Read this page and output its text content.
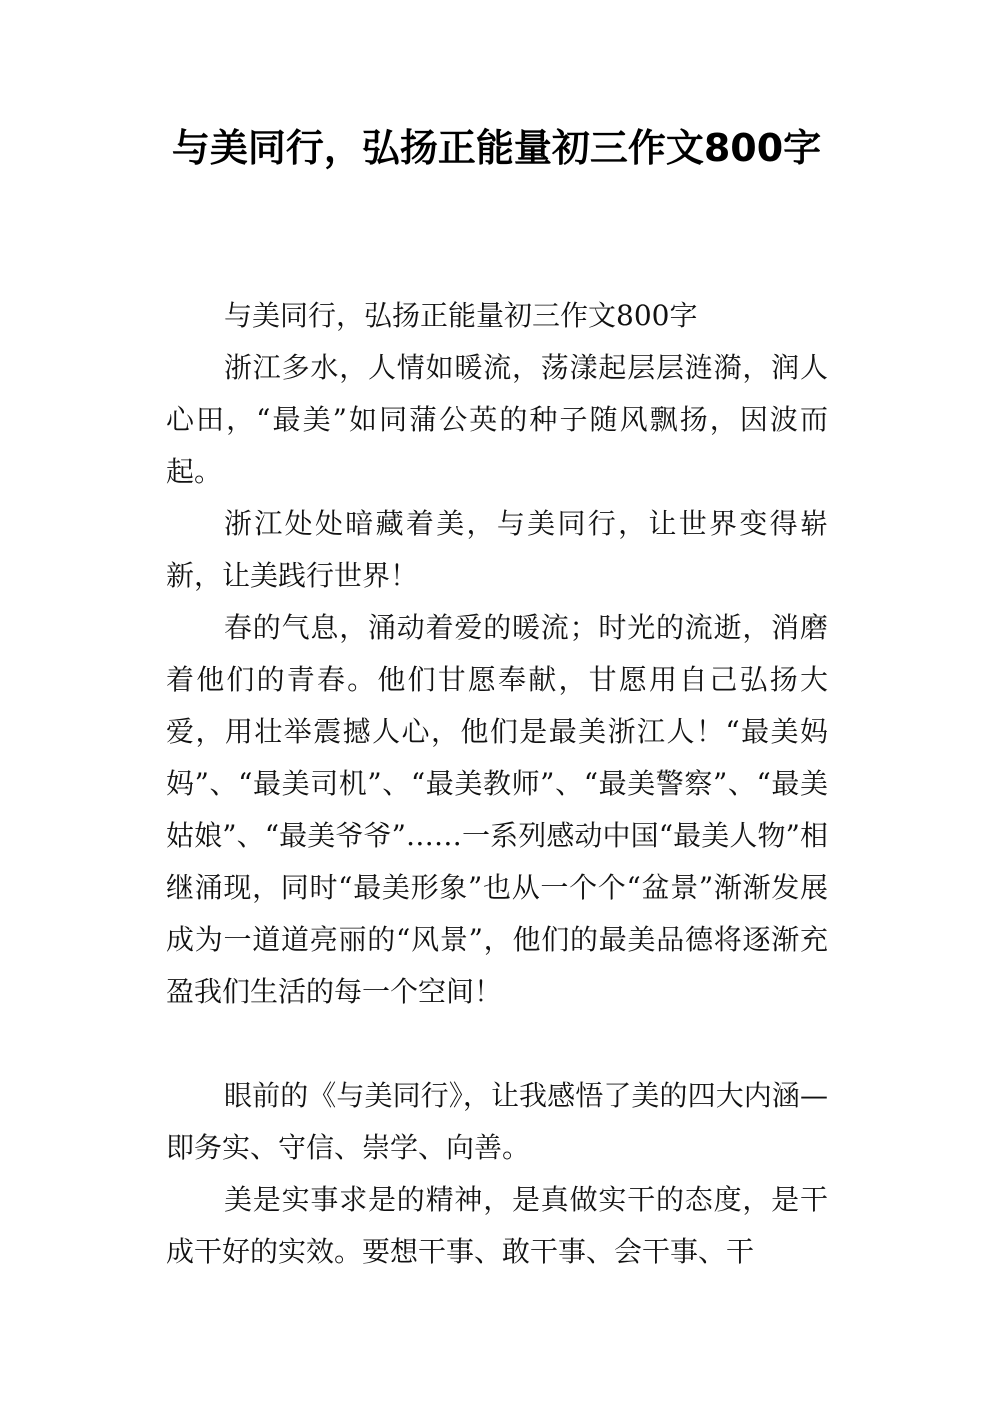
与美同行，弘扬正能量初三作文800字

与美同行，弘扬正能量初三作文800字

浙江多水，人情如暖流，荡漾起层层涟漪，润人心田，“最美”如同蒲公英的种子随风飘扬，因波而起。

浙江处处暗藏着美，与美同行，让世界变得崭新，让美践行世界！

春的气息，涌动着爱的暖流；时光的流逝，消磨着他们的青春。他们甘愿奉献，甘愿用自己弘扬大爱，用壮举震撼人心，他们是最美浙江人！“最美妈妈”、“最美司机”、“最美教师”、“最美警察”、“最美姑娘”、“最美爷爷”……一系列感动中国“最美人物”相继涌现，同时“最美形象”也从一个个“盆景”渐渐发展成为一道道亮丽的“风景”，他们的最美品德将逐渐充盈我们生活的每一个空间！

眼前的《与美同行》，让我感悟了美的四大内涵—即务实、守信、崇学、向善。

美是实事求是的精神，是真做实干的态度，是干成干好的实效。要想干事、敢干事、会干事、干
